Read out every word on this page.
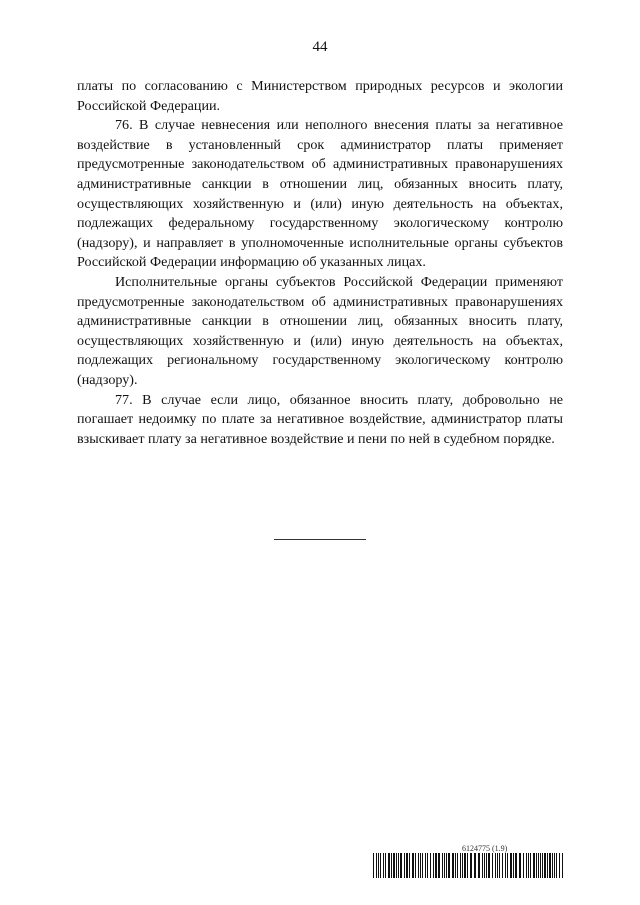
44

платы по согласованию с Министерством природных ресурсов и экологии Российской Федерации.

76. В случае невнесения или неполного внесения платы за негативное воздействие в установленный срок администратор платы применяет предусмотренные законодательством об административных правонарушениях административные санкции в отношении лиц, обязанных вносить плату, осуществляющих хозяйственную и (или) иную деятельность на объектах, подлежащих федеральному государственному экологическому контролю (надзору), и направляет в уполномоченные исполнительные органы субъектов Российской Федерации информацию об указанных лицах.

Исполнительные органы субъектов Российской Федерации применяют предусмотренные законодательством об административных правонарушениях административные санкции в отношении лиц, обязанных вносить плату, осуществляющих хозяйственную и (или) иную деятельность на объектах, подлежащих региональному государственному экологическому контролю (надзору).

77. В случае если лицо, обязанное вносить плату, добровольно не погашает недоимку по плате за негативное воздействие, администратор платы взыскивает плату за негативное воздействие и пени по ней в судебном порядке.

6124775 (1.9)
